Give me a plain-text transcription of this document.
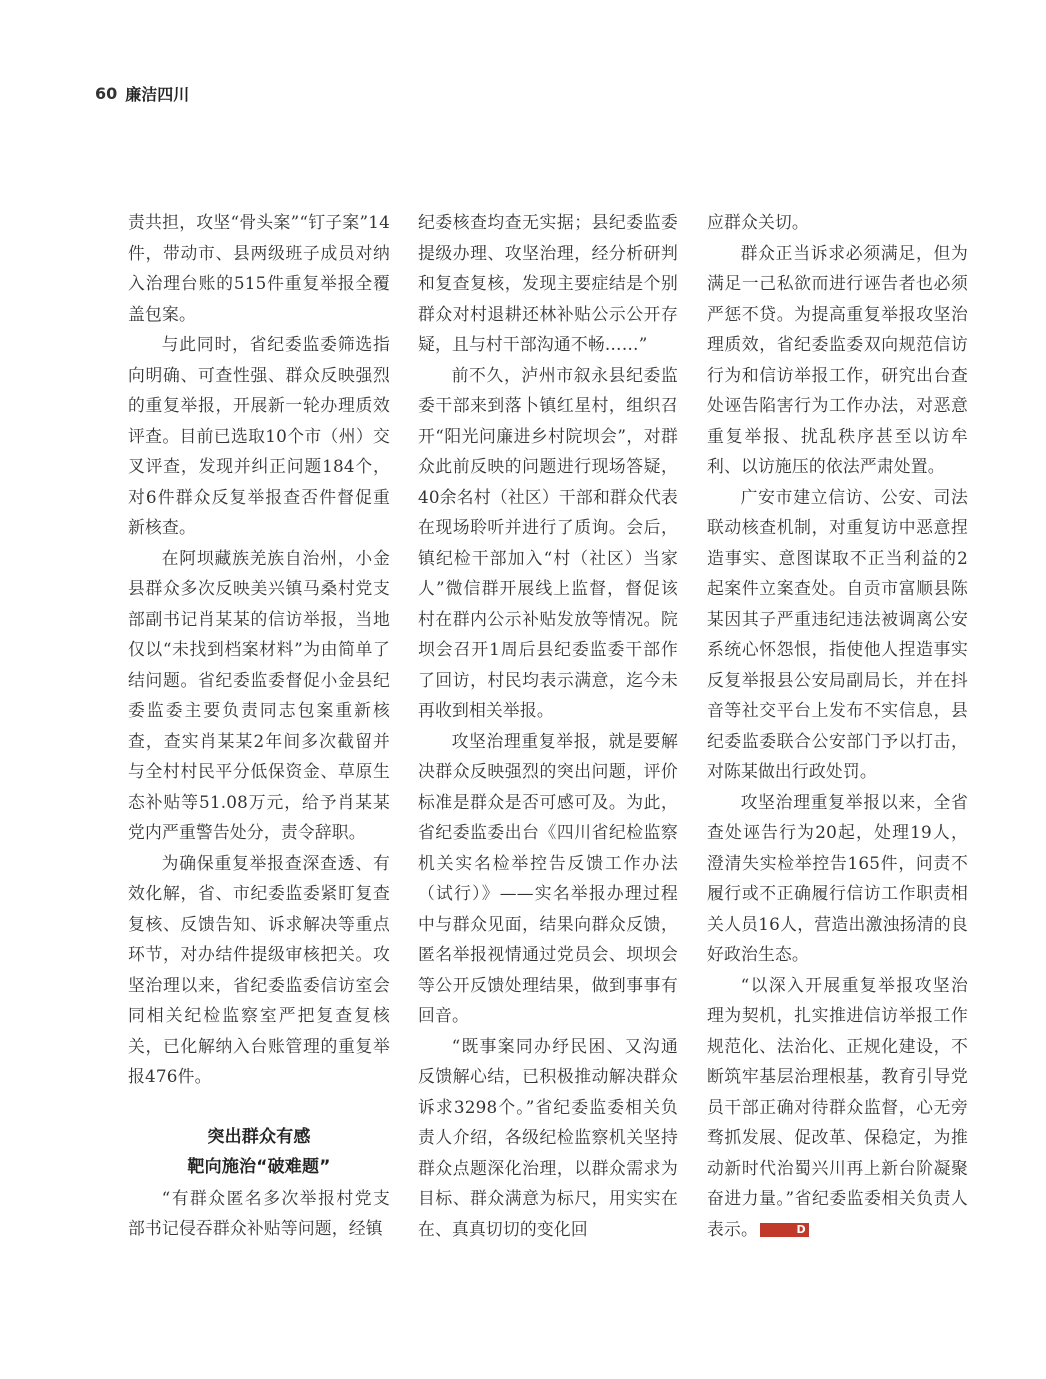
60 廉洁四川

责共担，攻坚“骨头案”“钉子案”14件，带动市、县两级班子成员对纳入治理台账的515件重复举报全覆盖包案。

与此同时，省纪委监委筛选指向明确、可查性强、群众反映强烈的重复举报，开展新一轮办理质效评查。目前已选取10个市（州）交叉评查，发现并纠正问题184个，对6件群众反复举报查否件督促重新核查。

在阿坝藏族羌族自治州，小金县群众多次反映美兴镇马桑村党支部副书记肖某某的信访举报，当地仅以“未找到档案材料”为由简单了结问题。省纪委监委督促小金县纪委监委主要负责同志包案重新核查，查实肖某某2年间多次截留并与全村村民平分低保资金、草原生态补贴等51.08万元，给予肖某某党内严重警告处分，责令辞职。

为确保重复举报查深查透、有效化解，省、市纪委监委紧盯复查复核、反馈告知、诉求解决等重点环节，对办结件提级审核把关。攻坚治理以来，省纪委监委信访室会同相关纪检监察室严把复查复核关，已化解纳入台账管理的重复举报476件。

突出群众有感
靶向施治“破难题”

“有群众匿名多次举报村党支部书记侵吞群众补贴等问题，经镇

纪委核查均查无实据；县纪委监委提级办理、攻坚治理，经分析研判和复查复核，发现主要症结是个别群众对村退耕还林补贴公示公开存疑，且与村干部沟通不畅……”

前不久，泸州市叙永县纪委监委干部来到落卜镇红星村，组织召开“阳光问廉进乡村院坝会”，对群众此前反映的问题进行现场答疑，40余名村（社区）干部和群众代表在现场聆听并进行了质询。会后，镇纪检干部加入“村（社区）当家人”微信群开展线上监督，督促该村在群内公示补贴发放等情况。院坝会召开1周后县纪委监委干部作了回访，村民均表示满意，迄今未再收到相关举报。

攻坚治理重复举报，就是要解决群众反映强烈的突出问题，评价标准是群众是否可感可及。为此，省纪委监委出台《四川省纪检监察机关实名检举控告反馈工作办法（试行）》——实名举报办理过程中与群众见面，结果向群众反馈，匿名举报视情通过党员会、坝坝会等公开反馈处理结果，做到事事有回音。

“既事案同办纾民困、又沟通反馈解心结，已积极推动解决群众诉求3298个。”省纪委监委相关负责人介绍，各级纪检监察机关坚持群众点题深化治理，以群众需求为目标、群众满意为标尺，用实实在在、真真切切的变化回

应群众关切。

群众正当诉求必须满足，但为满足一己私欲而进行诬告者也必须严惩不贷。为提高重复举报攻坚治理质效，省纪委监委双向规范信访行为和信访举报工作，研究出台查处诬告陷害行为工作办法，对恶意重复举报、扰乱秩序甚至以访牟利、以访施压的依法严肃处置。

广安市建立信访、公安、司法联动核查机制，对重复访中恶意捏造事实、意图谋取不正当利益的2起案件立案查处。自贡市富顺县陈某因其子严重违纪违法被调离公安系统心怀怨恨，指使他人捏造事实反复举报县公安局副局长，并在抖音等社交平台上发布不实信息，县纪委监委联合公安部门予以打击，对陈某做出行政处罚。

攻坚治理重复举报以来，全省查处诬告行为20起，处理19人，澄清失实检举控告165件，问责不履行或不正确履行信访工作职责相关人员16人，营造出激浊扬清的良好政治生态。

“以深入开展重复举报攻坚治理为契机，扎实推进信访举报工作规范化、法治化、正规化建设，不断筑牢基层治理根基，教育引导党员干部正确对待群众监督，心无旁骛抓发展、促改革、保稳定，为推动新时代治蜀兴川再上新台阶凝聚奋进力量。”省纪委监委相关负责人表示。	D
